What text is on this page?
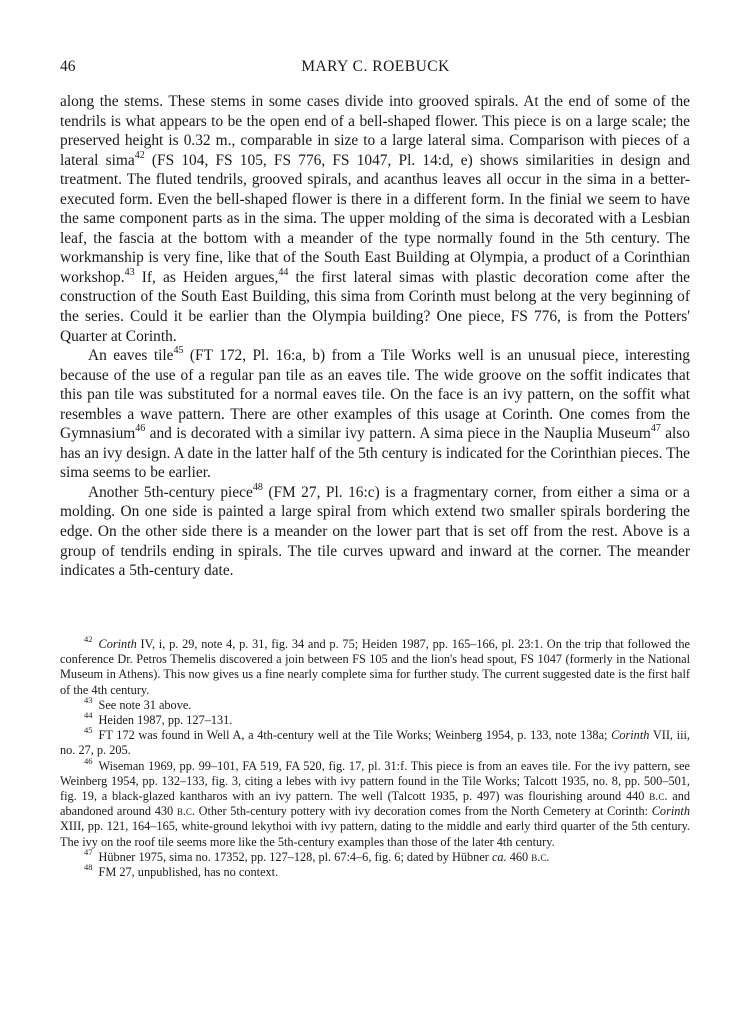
46	MARY C. ROEBUCK

along the stems. These stems in some cases divide into grooved spirals. At the end of some of the tendrils is what appears to be the open end of a bell-shaped flower. This piece is on a large scale; the preserved height is 0.32 m., comparable in size to a large lateral sima. Comparison with pieces of a lateral sima$^{42}$ (FS 104, FS 105, FS 776, FS 1047, Pl. 14:d, e) shows similarities in design and treatment. The fluted tendrils, grooved spirals, and acanthus leaves all occur in the sima in a better-executed form. Even the bell-shaped flower is there in a different form. In the finial we seem to have the same component parts as in the sima. The upper molding of the sima is decorated with a Lesbian leaf, the fascia at the bottom with a meander of the type normally found in the 5th century. The workmanship is very fine, like that of the South East Building at Olympia, a product of a Corinthian workshop.$^{43}$ If, as Heiden argues,$^{44}$ the first lateral simas with plastic decoration come after the construction of the South East Building, this sima from Corinth must belong at the very beginning of the series. Could it be earlier than the Olympia building? One piece, FS 776, is from the Potters' Quarter at Corinth.

An eaves tile$^{45}$ (FT 172, Pl. 16:a, b) from a Tile Works well is an unusual piece, interesting because of the use of a regular pan tile as an eaves tile. The wide groove on the soffit indicates that this pan tile was substituted for a normal eaves tile. On the face is an ivy pattern, on the soffit what resembles a wave pattern. There are other examples of this usage at Corinth. One comes from the Gymnasium$^{46}$ and is decorated with a similar ivy pattern. A sima piece in the Nauplia Museum$^{47}$ also has an ivy design. A date in the latter half of the 5th century is indicated for the Corinthian pieces. The sima seems to be earlier.

Another 5th-century piece$^{48}$ (FM 27, Pl. 16:c) is a fragmentary corner, from either a sima or a molding. On one side is painted a large spiral from which extend two smaller spirals bordering the edge. On the other side there is a meander on the lower part that is set off from the rest. Above is a group of tendrils ending in spirals. The tile curves upward and inward at the corner. The meander indicates a 5th-century date.

$^{42}$ Corinth IV, i, p. 29, note 4, p. 31, fig. 34 and p. 75; Heiden 1987, pp. 165–166, pl. 23:1. On the trip that followed the conference Dr. Petros Themelis discovered a join between FS 105 and the lion's head spout, FS 1047 (formerly in the National Museum in Athens). This now gives us a fine nearly complete sima for further study. The current suggested date is the first half of the 4th century.

$^{43}$ See note 31 above.

$^{44}$ Heiden 1987, pp. 127–131.

$^{45}$ FT 172 was found in Well A, a 4th-century well at the Tile Works; Weinberg 1954, p. 133, note 138a; Corinth VII, iii, no. 27, p. 205.

$^{46}$ Wiseman 1969, pp. 99–101, FA 519, FA 520, fig. 17, pl. 31:f. This piece is from an eaves tile. For the ivy pattern, see Weinberg 1954, pp. 132–133, fig. 3, citing a lebes with ivy pattern found in the Tile Works; Talcott 1935, no. 8, pp. 500–501, fig. 19, a black-glazed kantharos with an ivy pattern. The well (Talcott 1935, p. 497) was flourishing around 440 b.c. and abandoned around 430 b.c. Other 5th-century pottery with ivy decoration comes from the North Cemetery at Corinth: Corinth XIII, pp. 121, 164–165, white-ground lekythoi with ivy pattern, dating to the middle and early third quarter of the 5th century. The ivy on the roof tile seems more like the 5th-century examples than those of the later 4th century.

$^{47}$ Hübner 1975, sima no. 17352, pp. 127–128, pl. 67:4–6, fig. 6; dated by Hübner ca. 460 b.c.

$^{48}$ FM 27, unpublished, has no context.
